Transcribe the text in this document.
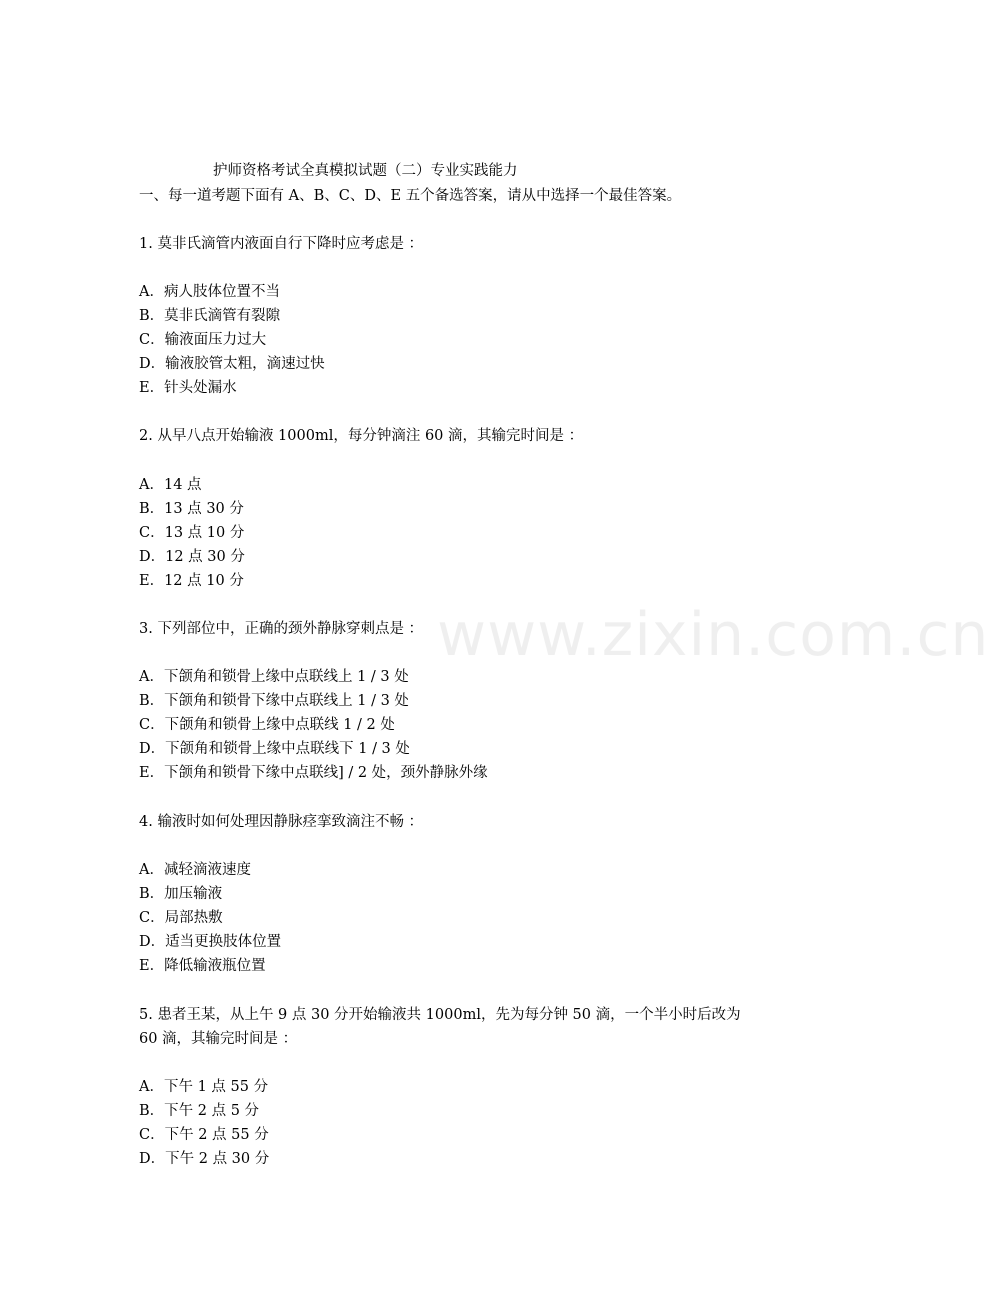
护师资格考试全真模拟试题（二）专业实践能力
一、每一道考题下面有 A、B、C、D、E 五个备选答案，请从中选择一个最佳答案。
1. 莫非氏滴管内液面自行下降时应考虑是 ：
A．病人肢体位置不当
B．莫非氏滴管有裂隙
C．输液面压力过大
D．输液胶管太粗，滴速过快
E．针头处漏水
2. 从早八点开始输液 1000ml，每分钟滴注 60 滴，其输完时间是 ：
A．14 点
B．13 点 30 分
C．13 点 10 分
D．12 点 30 分
E．12 点 10 分
3. 下列部位中，正确的颈外静脉穿刺点是 ：
A．下颌角和锁骨上缘中点联线上 1 / 3 处
B．下颌角和锁骨下缘中点联线上 1 / 3 处
C．下颌角和锁骨上缘中点联线 1 / 2 处
D．下颌角和锁骨上缘中点联线下 1 / 3 处
E．下颌角和锁骨下缘中点联线] / 2 处，颈外静脉外缘
4. 输液时如何处理因静脉痉挛致滴注不畅 ：
A．减轻滴液速度
B．加压输液
C．局部热敷
D．适当更换肢体位置
E．降低输液瓶位置
5. 患者王某，从上午 9 点 30 分开始输液共 1000ml，先为每分钟 50 滴，一个半小时后改为
60 滴，其输完时间是 ：
A．下午 1 点 55 分
B．下午 2 点 5 分
C．下午 2 点 55 分
D．下午 2 点 30 分
www.zixin.com.cn
